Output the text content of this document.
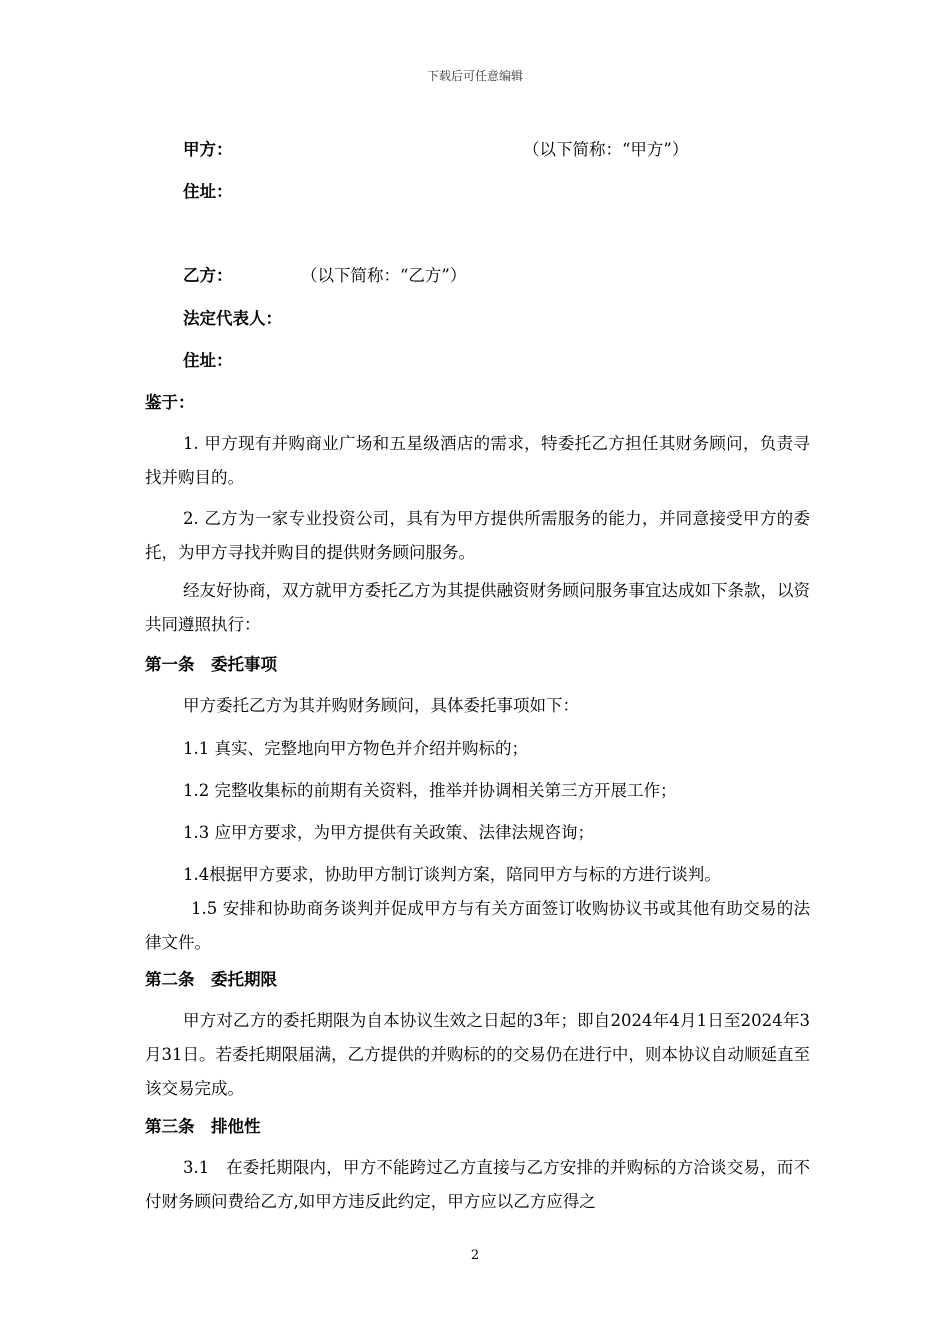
下载后可任意编辑
甲方：	（以下简称：“甲方”）
住址：
乙方：	（以下简称：“乙方”）
法定代表人：
住址：
鉴于：
1. 甲方现有并购商业广场和五星级酒店的需求，特委托乙方担任其财务顾问，负责寻找并购目的。
2. 乙方为一家专业投资公司，具有为甲方提供所需服务的能力，并同意接受甲方的委托，为甲方寻找并购目的提供财务顾问服务。
经友好协商，双方就甲方委托乙方为其提供融资财务顾问服务事宜达成如下条款，以资共同遵照执行：
第一条　委托事项
甲方委托乙方为其并购财务顾问，具体委托事项如下：
1.1 真实、完整地向甲方物色并介绍并购标的；
1.2 完整收集标的前期有关资料，推举并协调相关第三方开展工作；
1.3 应甲方要求，为甲方提供有关政策、法律法规咨询；
1.4根据甲方要求，协助甲方制订谈判方案，陪同甲方与标的方进行谈判。
1.5 安排和协助商务谈判并促成甲方与有关方面签订收购协议书或其他有助交易的法律文件。
第二条　委托期限
甲方对乙方的委托期限为自本协议生效之日起的3年；即自2024年4月1日至2024年3月31日。若委托期限届满，乙方提供的并购标的的交易仍在进行中，则本协议自动顺延直至该交易完成。
第三条　排他性
3.1　在委托期限内，甲方不能跨过乙方直接与乙方安排的并购标的方洽谈交易，而不付财务顾问费给乙方,如甲方违反此约定，甲方应以乙方应得之
2
